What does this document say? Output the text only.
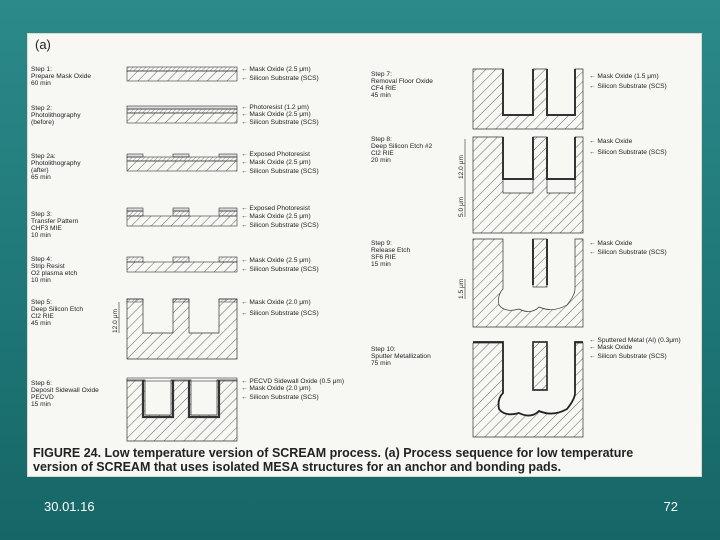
(a)
Step 1:
Prepare Mask Oxide
60 min
← Mask Oxide (2.5 μm)
← Silicon Substrate (SCS)
Step 2:
Photolithography
(before)
← Photoresist (1.2 μm)
← Mask Oxide (2.5 μm)
← Silicon Substrate (SCS)
Step 2a:
Photolithography
(after)
65 min
← Exposed Photoresist
← Mask Oxide (2.5 μm)
← Silicon Substrate (SCS)
Step 3:
Transfer Pattern
CHF3 MIE
10 min
← Exposed Photoresist
← Mask Oxide (2.5 μm)
← Silicon Substrate (SCS)
Step 4:
Strip Resist
O2 plasma etch
10 min
← Mask Oxide (2.5 μm)
← Silicon Substrate (SCS)
Step 5:
Deep Silicon Etch
Cl2 RIE
45 min	12.0 μm
← Mask Oxide (2.0 μm)
← Silicon Substrate (SCS)
Step 6:
Deposit Sidewall Oxide
PECVD
15 min
← PECVD Sidewall Oxide (0.5 μm)
← Mask Oxide (2.0 μm)
← Silicon Substrate (SCS)
Step 7:
Removal Floor Oxide
CF4 RIE
45 min
← Mask Oxide (1.5 μm)
← Silicon Substrate (SCS)
Step 8:
Deep Silicon Etch #2
Cl2 RIE
20 min	12.0 μm
5.0 μm
← Mask Oxide
← Silicon Substrate (SCS)
Step 9:
Release Etch
SF6 RIE
15 min
1.5 μm
← Mask Oxide
← Silicon Substrate (SCS)
Step 10:
Sputter Metallization
75 min
← Sputtered Metal (Al) (0.3μm)
← Mask Oxide
← Silicon Substrate (SCS)
FIGURE 24. Low temperature version of SCREAM process. (a) Process sequence for low temperature
version of SCREAM that uses isolated MESA structures for an anchor and bonding pads.
30.01.16	72
